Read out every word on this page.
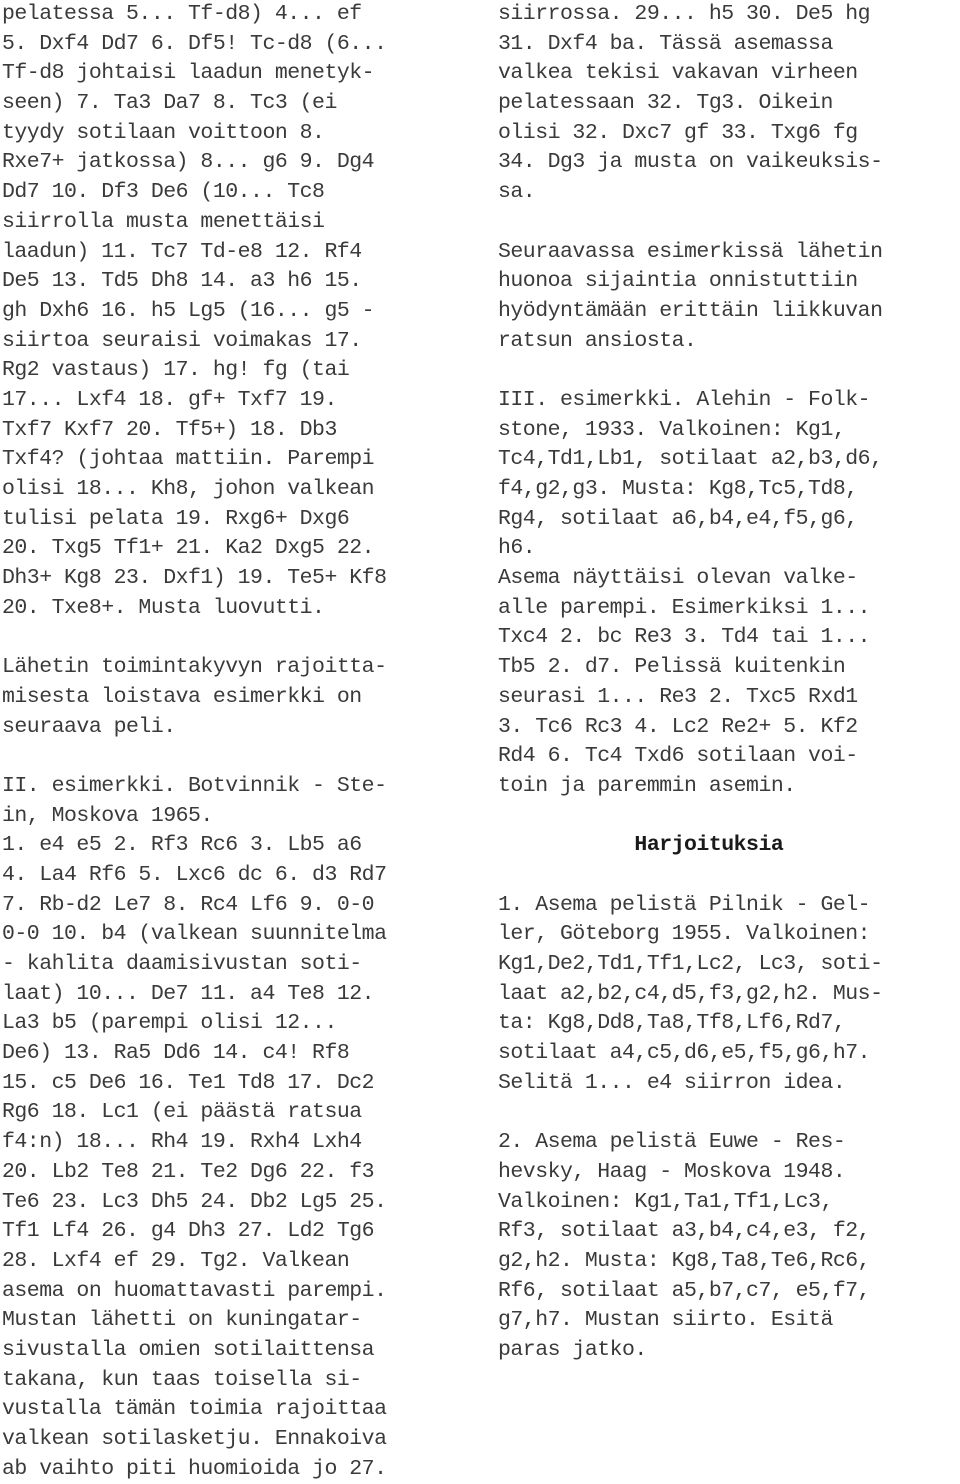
pelatessa 5... Tf-d8) 4... ef
5. Dxf4 Dd7 6. Df5! Tc-d8 (6...
Tf-d8 johtaisi laadun menetyk-
seen) 7. Ta3 Da7 8. Tc3 (ei
tyydy sotilaan voittoon 8.
Rxe7+ jatkossa) 8... g6 9. Dg4
Dd7 10. Df3 De6 (10... Tc8
siirrolla musta menettäisi
laadun) 11. Tc7 Td-e8 12. Rf4
De5 13. Td5 Dh8 14. a3 h6 15.
gh Dxh6 16. h5 Lg5 (16... g5 -
siirtoa seuraisi voimakas 17.
Rg2 vastaus) 17. hg! fg (tai
17... Lxf4 18. gf+ Txf7 19.
Txf7 Kxf7 20. Tf5+) 18. Db3
Txf4? (johtaa mattiin. Parempi
olisi 18... Kh8, johon valkean
tulisi pelata 19. Rxg6+ Dxg6
20. Txg5 Tf1+ 21. Ka2 Dxg5 22.
Dh3+ Kg8 23. Dxf1) 19. Te5+ Kf8
20. Txe8+. Musta luovutti.
Lähetin toimintakyvyn rajoitta-
misesta loistava esimerkki on
seuraava peli.
II. esimerkki. Botvinnik - Ste-
in, Moskova 1965.
1. e4 e5 2. Rf3 Rc6 3. Lb5 a6
4. La4 Rf6 5. Lxc6 dc 6. d3 Rd7
7. Rb-d2 Le7 8. Rc4 Lf6 9. 0-0
0-0 10. b4 (valkean suunnitelma
- kahlita daamisivustan soti-
laat) 10... De7 11. a4 Te8 12.
La3 b5 (parempi olisi 12...
De6) 13. Ra5 Dd6 14. c4! Rf8
15. c5 De6 16. Te1 Td8 17. Dc2
Rg6 18. Lc1 (ei päästä ratsua
f4:n) 18... Rh4 19. Rxh4 Lxh4
20. Lb2 Te8 21. Te2 Dg6 22. f3
Te6 23. Lc3 Dh5 24. Db2 Lg5 25.
Tf1 Lf4 26. g4 Dh3 27. Ld2 Tg6
28. Lxf4 ef 29. Tg2. Valkean
asema on huomattavasti parempi.
Mustan lähetti on kuningatar-
sivustalla omien sotilaittensa
takana, kun taas toisella si-
vustalla tämän toimia rajoittaa
valkean sotilasketju. Ennakoiva
ab vaihto piti huomioida jo 27.
siirrossa. 29... h5 30. De5 hg
31. Dxf4 ba. Tässä asemassa
valkea tekisi vakavan virheen
pelatessaan 32. Tg3. Oikein
olisi 32. Dxc7 gf 33. Txg6 fg
34. Dg3 ja musta on vaikeuksis-
sa.
Seuraavassa esimerkissä lähetin
huonoa sijaintia onnistuttiin
hyödyntämään erittäin liikkuvan
ratsun ansiosta.
III. esimerkki. Alehin - Folk-
stone, 1933. Valkoinen: Kg1,
Tc4,Td1,Lb1, sotilaat a2,b3,d6,
f4,g2,g3. Musta: Kg8,Tc5,Td8,
Rg4, sotilaat a6,b4,e4,f5,g6,
h6.
Asema näyttäisi olevan valke-
alle parempi. Esimerkiksi 1...
Txc4 2. bc Re3 3. Td4 tai 1...
Tb5 2. d7. Pelissä kuitenkin
seurasi 1... Re3 2. Txc5 Rxd1
3. Tc6 Rc3 4. Lc2 Re2+ 5. Kf2
Rd4 6. Tc4 Txd6 sotilaan voi-
toin ja paremmin asemin.
Harjoituksia
1. Asema pelistä Pilnik - Gel-
ler, Göteborg 1955. Valkoinen:
Kg1,De2,Td1,Tf1,Lc2, Lc3, soti-
laat a2,b2,c4,d5,f3,g2,h2. Mus-
ta: Kg8,Dd8,Ta8,Tf8,Lf6,Rd7,
sotilaat a4,c5,d6,e5,f5,g6,h7.
Selitä 1... e4 siirron idea.
2. Asema pelistä Euwe - Res-
hevsky, Haag - Moskova 1948.
Valkoinen: Kg1,Ta1,Tf1,Lc3,
Rf3, sotilaat a3,b4,c4,e3, f2,
g2,h2. Musta: Kg8,Ta8,Te6,Rc6,
Rf6, sotilaat a5,b7,c7, e5,f7,
g7,h7. Mustan siirto. Esitä
paras jatko.
